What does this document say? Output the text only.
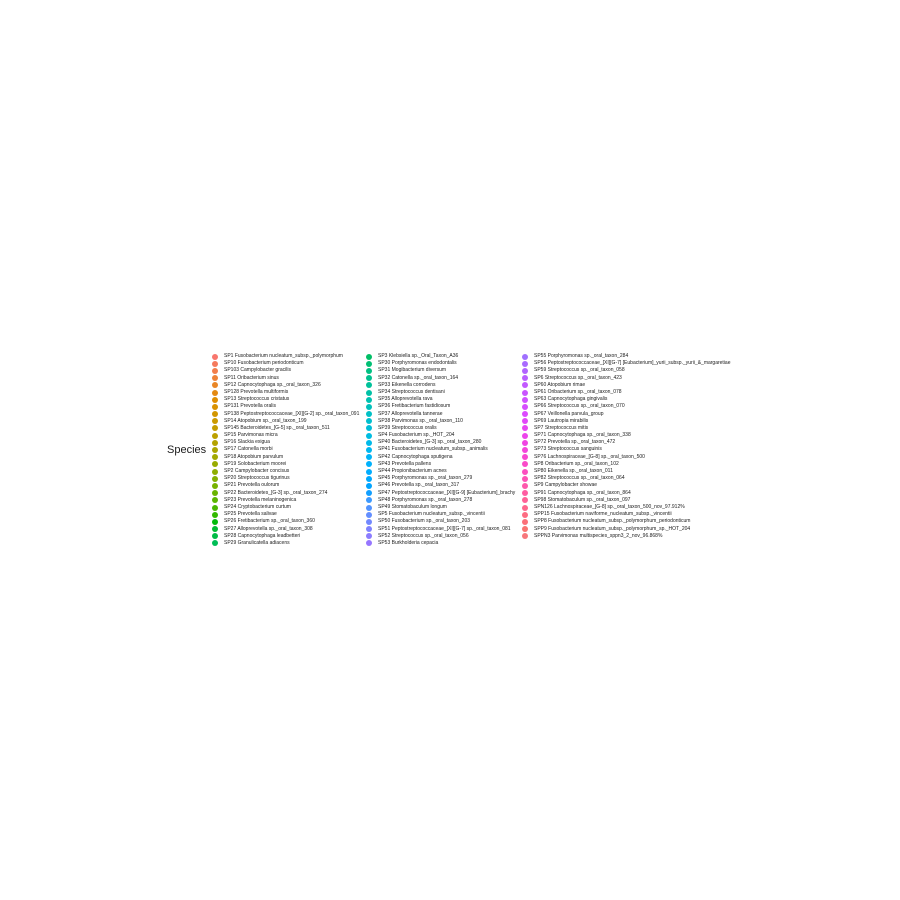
Species
SP1 Fusobacterium nucleatum_subsp._polymorphum
SP10 Fusobacterium periodonticum
SP103 Campylobacter gracilis
SP11 Oribacterium sinus
SP12 Capnocytophaga sp._oral_taxon_326
SP128 Prevotella multiformis
SP13 Streptococcus cristatus
SP131 Prevotella oralis
SP138 Peptostreptococcaceae_[XI][G-2] sp._oral_taxon_091
SP14 Atopobium sp._oral_taxon_199
SP145 Bacteroidetes_[G-5] sp._oral_taxon_511
SP15 Parvimonas micra
SP16 Slackia exigua
SP17 Catonella morbi
SP18 Atopobium parvulum
SP19 Solobacterium moorei
SP2 Campylobacter concisus
SP20 Streptococcus tigurinus
SP21 Prevotella oulorum
SP22 Bacteroidetes_[G-3] sp._oral_taxon_274
SP23 Prevotella melaninogenica
SP24 Cryptobacterium curtum
SP25 Prevotella salivae
SP26 Fretibacterium sp._oral_taxon_360
SP27 Alloprevotella sp._oral_taxon_308
SP28 Capnocytophaga leadbetteri
SP29 Granulicatella adiacens
SP3 Klebsiella sp._Oral_Taxon_A36
SP30 Porphyromonas endodontalis
SP31 Mogibacterium diversum
SP32 Catonella sp._oral_taxon_164
SP33 Eikenella corrodens
SP34 Streptococcus dentisani
SP35 Alloprevotella rava
SP36 Fretibacterium fastidiosum
SP37 Alloprevotella tannerae
SP38 Parvimonas sp._oral_taxon_110
SP39 Streptococcus oralis
SP4 Fusobacterium sp._HOT_204
SP40 Bacteroidetes_[G-3] sp._oral_taxon_280
SP41 Fusobacterium nucleatum_subsp._animalis
SP42 Capnocytophaga sputigena
SP43 Prevotella pallens
SP44 Propionibacterium acnes
SP45 Porphyromonas sp._oral_taxon_279
SP46 Prevotella sp._oral_taxon_317
SP47 Peptostreptococcaceae_[XI][G-9] [Eubacterium]_brachy
SP48 Porphyromonas sp._oral_taxon_278
SP49 Stomatobaculum longum
SP5 Fusobacterium nucleatum_subsp._vincentii
SP50 Fusobacterium sp._oral_taxon_203
SP51 Peptostreptococcaceae_[XI][G-7] sp._oral_taxon_081
SP52 Streptococcus sp._oral_taxon_056
SP53 Burkholderia cepacia
SP55 Porphyromonas sp._oral_taxon_284
SP56 Peptostreptococcaceae_[XI][G-7] [Eubacterium]_yurii_subsp._yurii_&_margaretiae
SP59 Streptococcus sp._oral_taxon_058
SP6 Streptococcus sp._oral_taxon_423
SP60 Atopobium rimae
SP61 Oribacterium sp._oral_taxon_078
SP63 Capnocytophaga gingivalis
SP66 Streptococcus sp._oral_taxon_070
SP67 Veillonella parvula_group
SP69 Lautropia mirabilis
SP7 Streptococcus mitis
SP71 Capnocytophaga sp._oral_taxon_338
SP72 Prevotella sp._oral_taxon_472
SP73 Streptococcus sanguinis
SP76 Lachnospiraceae_[G-8] sp._oral_taxon_500
SP8 Oribacterium sp._oral_taxon_102
SP80 Eikenella sp._oral_taxon_011
SP82 Streptococcus sp._oral_taxon_064
SP9 Campylobacter showae
SP91 Capnocytophaga sp._oral_taxon_864
SP98 Stomatobaculum sp._oral_taxon_097
SPN126 Lachnospiraceae_[G-8] sp._oral_taxon_500_nov_97.912%
SPP15 Fusobacterium naviforme_nucleatum_subsp._vincentii
SPP8 Fusobacterium nucleatum_subsp._polymorphum_periodonticum
SPP9 Fusobacterium nucleatum_subsp._polymorphum_sp._HOT_204
SPPN3 Parvimonas multispecies_sppn3_2_nov_96.868%
